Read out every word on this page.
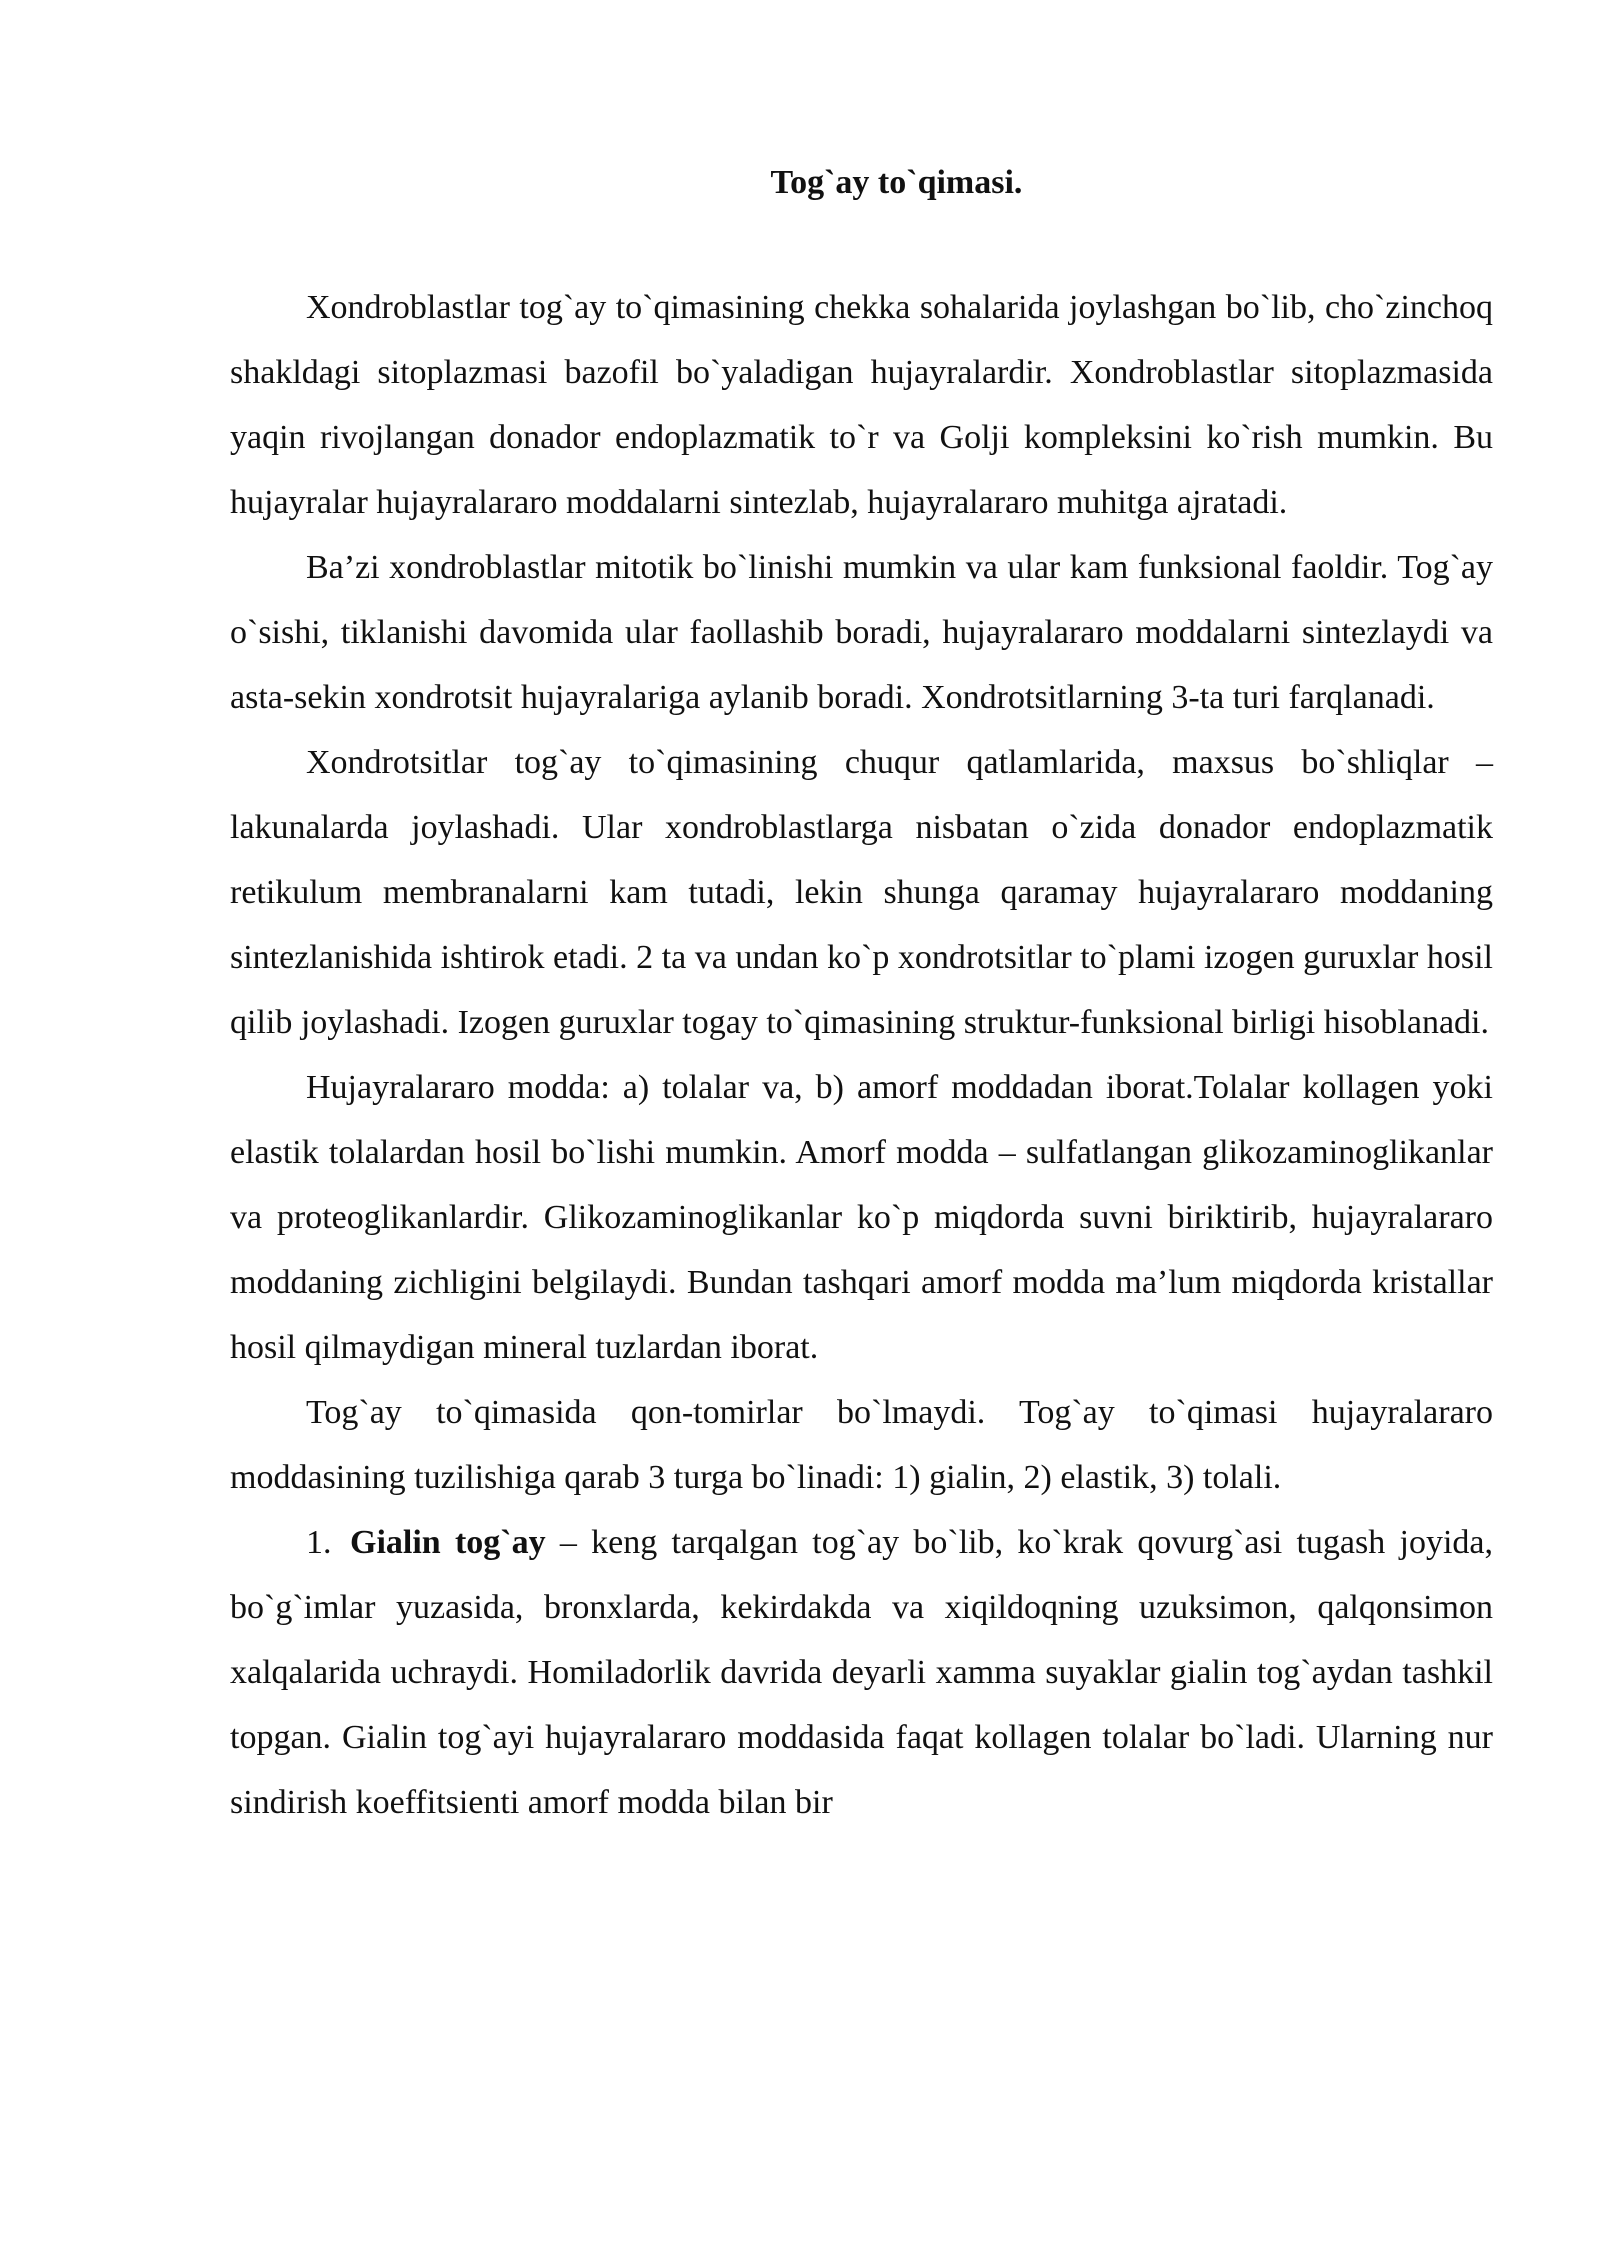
Tog`ay to`qimasi.

Xondroblastlar tog`ay to`qimasining chekka sohalarida joylashgan bo`lib, cho`zinchoq shakldagi sitoplazmasi bazofil bo`yaladigan hujayralardir. Xondroblastlar sitoplazmasida yaqin rivojlangan donador endoplazmatik to`r va Golji kompleksini ko`rish mumkin. Bu hujayralar hujayralararo moddalarni sintezlab, hujayralararo muhitga ajratadi.

Ba’zi xondroblastlar mitotik bo`linishi mumkin va ular kam funksional faoldir. Tog`ay o`sishi, tiklanishi davomida ular faollashib boradi, hujayralararo moddalarni sintezlaydi va asta-sekin xondrotsit hujayralariga aylanib boradi. Xondrotsitlarning 3-ta turi farqlanadi.

Xondrotsitlar tog`ay to`qimasining chuqur qatlamlarida, maxsus bo`shliqlar – lakunalarda joylashadi. Ular xondroblastlarga nisbatan o`zida donador endoplazmatik retikulum membranalarni kam tutadi, lekin shunga qaramay hujayralararo moddaning sintezlanishida ishtirok etadi. 2 ta va undan ko`p xondrotsitlar to`plami izogen guruxlar hosil qilib joylashadi. Izogen guruxlar togay to`qimasining struktur-funksional birligi hisoblanadi.

Hujayralararo modda: a) tolalar va, b) amorf moddadan iborat.Tolalar kollagen yoki elastik tolalardan hosil bo`lishi mumkin. Amorf modda – sulfatlangan glikozaminoglikanlar va proteoglikanlardir. Glikozaminoglikanlar ko`p miqdorda suvni biriktirib, hujayralararo moddaning zichligini belgilaydi. Bundan tashqari amorf modda ma’lum miqdorda kristallar hosil qilmaydigan mineral tuzlardan iborat.

Tog`ay to`qimasida qon-tomirlar bo`lmaydi. Tog`ay to`qimasi hujayralararo moddasining tuzilishiga qarab 3 turga bo`linadi: 1) gialin, 2) elastik, 3) tolali.

1. Gialin tog`ay – keng tarqalgan tog`ay bo`lib, ko`krak qovurg`asi tugash joyida, bo`g`imlar yuzasida, bronxlarda, kekirdakda va xiqildoqning uzuksimon, qalqonsimon xalqalarida uchraydi. Homiladorlik davrida deyarli xamma suyaklar gialin tog`aydan tashkil topgan. Gialin tog`ayi hujayralararo moddasida faqat kollagen tolalar bo`ladi. Ularning nur sindirish koeffitsienti amorf modda bilan bir
